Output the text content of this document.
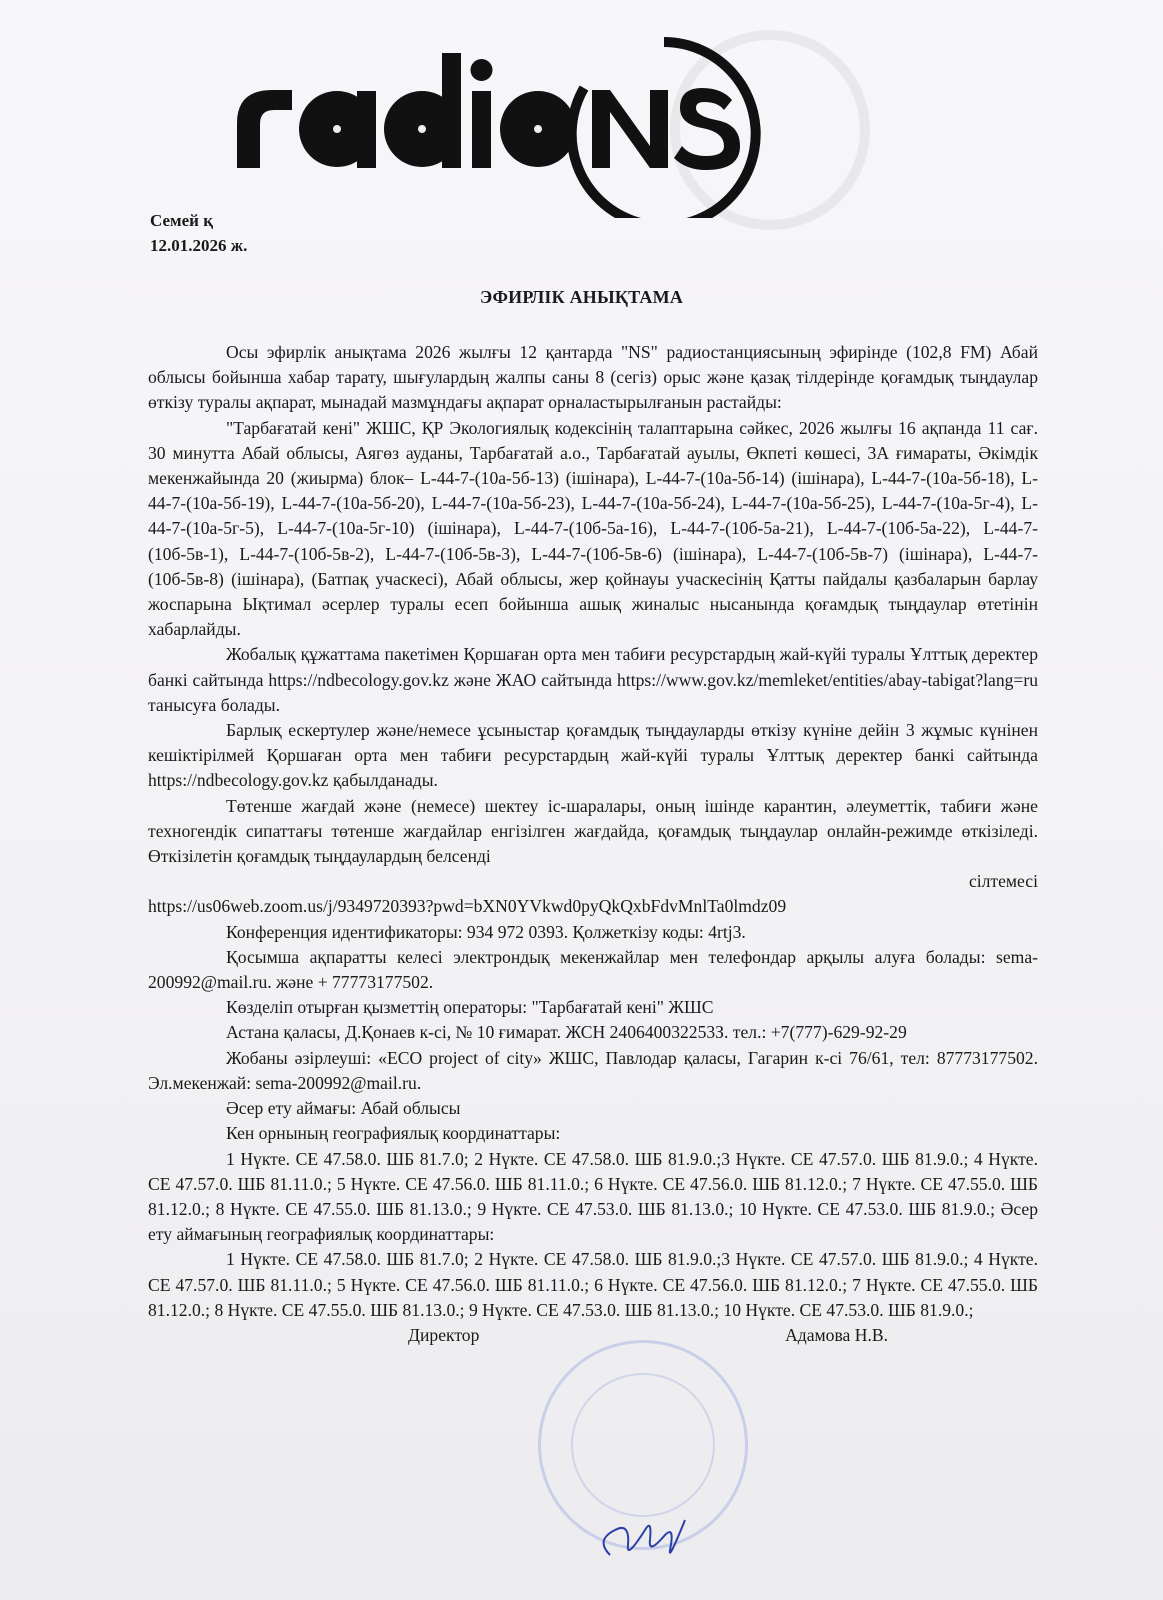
Семей қ
12.01.2026 ж.
ЭФИРЛІК АНЫҚТАМА

Осы эфирлік анықтама 2026 жылғы 12 қантарда "NS" радиостанциясының эфирінде (102,8 FM) Абай облысы бойынша хабар тарату, шығулардың жалпы саны 8 (сегіз) орыс және қазақ тілдерінде қоғамдық тыңдаулар өткізу туралы ақпарат, мынадай мазмұндағы ақпарат орналастырылғанын растайды:

"Тарбағатай кені" ЖШС, ҚР Экологиялық кодексінің талаптарына сәйкес, 2026 жылғы 16 ақпанда 11 сағ. 30 минутта Абай облысы, Аягөз ауданы, Тарбағатай а.о., Тарбағатай ауылы, Өкпеті көшесі, 3А ғимараты, Әкімдік мекенжайында 20 (жиырма) блок– L-44-7-(10а-5б-13) (ішінара), L-44-7-(10а-5б-14) (ішінара), L-44-7-(10а-5б-18), L-44-7-(10а-5б-19), L-44-7-(10а-5б-20), L-44-7-(10а-5б-23), L-44-7-(10а-5б-24), L-44-7-(10а-5б-25), L-44-7-(10а-5г-4), L-44-7-(10а-5г-5), L-44-7-(10а-5г-10) (ішінара), L-44-7-(10б-5а-16), L-44-7-(10б-5а-21), L-44-7-(10б-5а-22), L-44-7-(10б-5в-1), L-44-7-(10б-5в-2), L-44-7-(10б-5в-3), L-44-7-(10б-5в-6) (ішінара), L-44-7-(10б-5в-7) (ішінара), L-44-7-(10б-5в-8) (ішінара), (Батпақ учаскесі), Абай облысы, жер қойнауы учаскесінің Қатты пайдалы қазбаларын барлау жоспарына Ықтимал әсерлер туралы есеп бойынша ашық жиналыс нысанында қоғамдық тыңдаулар өтетінін хабарлайды.

Жобалық құжаттама пакетімен Қоршаған орта мен табиғи ресурстардың жай-күйі туралы Ұлттық деректер банкі сайтында https://ndbecology.gov.kz және ЖАО сайтында https://www.gov.kz/memleket/entities/abay-tabigat?lang=ru танысуға болады.

Барлық ескертулер және/немесе ұсыныстар қоғамдық тыңдауларды өткізу күніне дейін 3 жұмыс күнінен кешіктірілмей Қоршаған орта мен табиғи ресурстардың жай-күйі туралы Ұлттық деректер банкі сайтында https://ndbecology.gov.kz қабылданады.

Төтенше жағдай және (немесе) шектеу іс-шаралары, оның ішінде карантин, әлеуметтік, табиғи және техногендік сипаттағы төтенше жағдайлар енгізілген жағдайда, қоғамдық тыңдаулар онлайн-режимде өткізіледі. Өткізілетін қоғамдық тыңдаулардың белсенді

сілтемесі

https://us06web.zoom.us/j/9349720393?pwd=bXN0YVkwd0pyQkQxbFdvMnlTa0lmdz09

Конференция идентификаторы: 934 972 0393. Қолжеткізу коды: 4rtj3.

Қосымша ақпаратты келесі электрондық мекенжайлар мен телефондар арқылы алуға болады: sema-200992@mail.ru. және + 77773177502.

Көзделіп отырған қызметтің операторы: "Тарбағатай кені" ЖШС

Астана қаласы, Д.Қонаев к-сі, № 10 ғимарат. ЖСН 240640032253З. тел.: +7(777)-629-92-29

Жобаны әзірлеуші: «ECO project of city» ЖШС, Павлодар қаласы, Гагарин к-сі 76/61, тел: 87773177502. Эл.мекенжай: sema-200992@mail.ru.

Әсер ету аймағы: Абай облысы

Кен орнының географиялық координаттары:

1 Нүкте. СЕ 47.58.0. ШБ 81.7.0; 2 Нүкте. СЕ 47.58.0. ШБ 81.9.0.;3 Нүкте. СЕ 47.57.0. ШБ 81.9.0.; 4 Нүкте. СЕ 47.57.0. ШБ 81.11.0.; 5 Нүкте. СЕ 47.56.0. ШБ 81.11.0.; 6 Нүкте. СЕ 47.56.0. ШБ 81.12.0.; 7 Нүкте. СЕ 47.55.0. ШБ 81.12.0.; 8 Нүкте. СЕ 47.55.0. ШБ 81.13.0.; 9 Нүкте. СЕ 47.53.0. ШБ 81.13.0.; 10 Нүкте. СЕ 47.53.0. ШБ 81.9.0.; Әсер ету аймағының географиялық координаттары:

1 Нүкте. СЕ 47.58.0. ШБ 81.7.0; 2 Нүкте. СЕ 47.58.0. ШБ 81.9.0.;3 Нүкте. СЕ 47.57.0. ШБ 81.9.0.; 4 Нүкте. СЕ 47.57.0. ШБ 81.11.0.; 5 Нүкте. СЕ 47.56.0. ШБ 81.11.0.; 6 Нүкте. СЕ 47.56.0. ШБ 81.12.0.; 7 Нүкте. СЕ 47.55.0. ШБ 81.12.0.; 8 Нүкте. СЕ 47.55.0. ШБ 81.13.0.; 9 Нүкте. СЕ 47.53.0. ШБ 81.13.0.; 10 Нүкте. СЕ 47.53.0. ШБ 81.9.0.;

Директор	Адамова Н.В.
